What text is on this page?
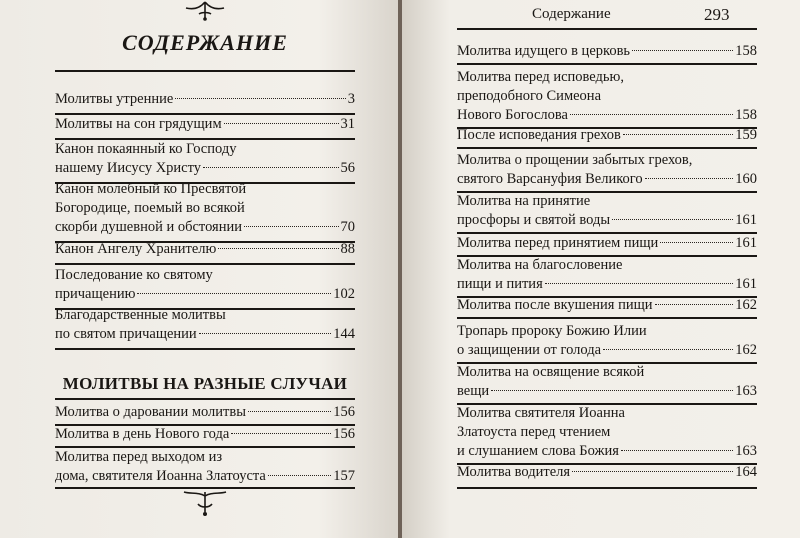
СОДЕРЖАНИЕ
Молитвы утренние	3
Молитвы на сон грядущим	31
Канон покаянный ко Господу
нашему Иисусу Христу	56
Канон молебный ко Пресвятой
Богородице, поемый во всякой
скорби душевной и обстоянии	70
Канон Ангелу Хранителю	88
Последование ко святому
причащению	102
Благодарственные молитвы
по святом причащении	144
МОЛИТВЫ НА РАЗНЫЕ СЛУЧАИ
Молитва о даровании молитвы	156
Молитва в день Нового года	156
Молитва перед выходом из
дома, святителя Иоанна Златоуста	157
Содержание	293
Молитва идущего в церковь	158
Молитва перед исповедью,
преподобного Симеона
Нового Богослова	158
После исповедания грехов	159
Молитва о прощении забытых грехов,
святого Варсануфия Великого	160
Молитва на принятие
просфоры и святой воды	161
Молитва перед принятием пищи	161
Молитва на благословение
пищи и пития	161
Молитва после вкушения пищи	162
Тропарь пророку Божию Илии
о защищении от голода	162
Молитва на освящение всякой
вещи	163
Молитва святителя Иоанна
Златоуста перед чтением
и слушанием слова Божия	163
Молитва водителя	164
